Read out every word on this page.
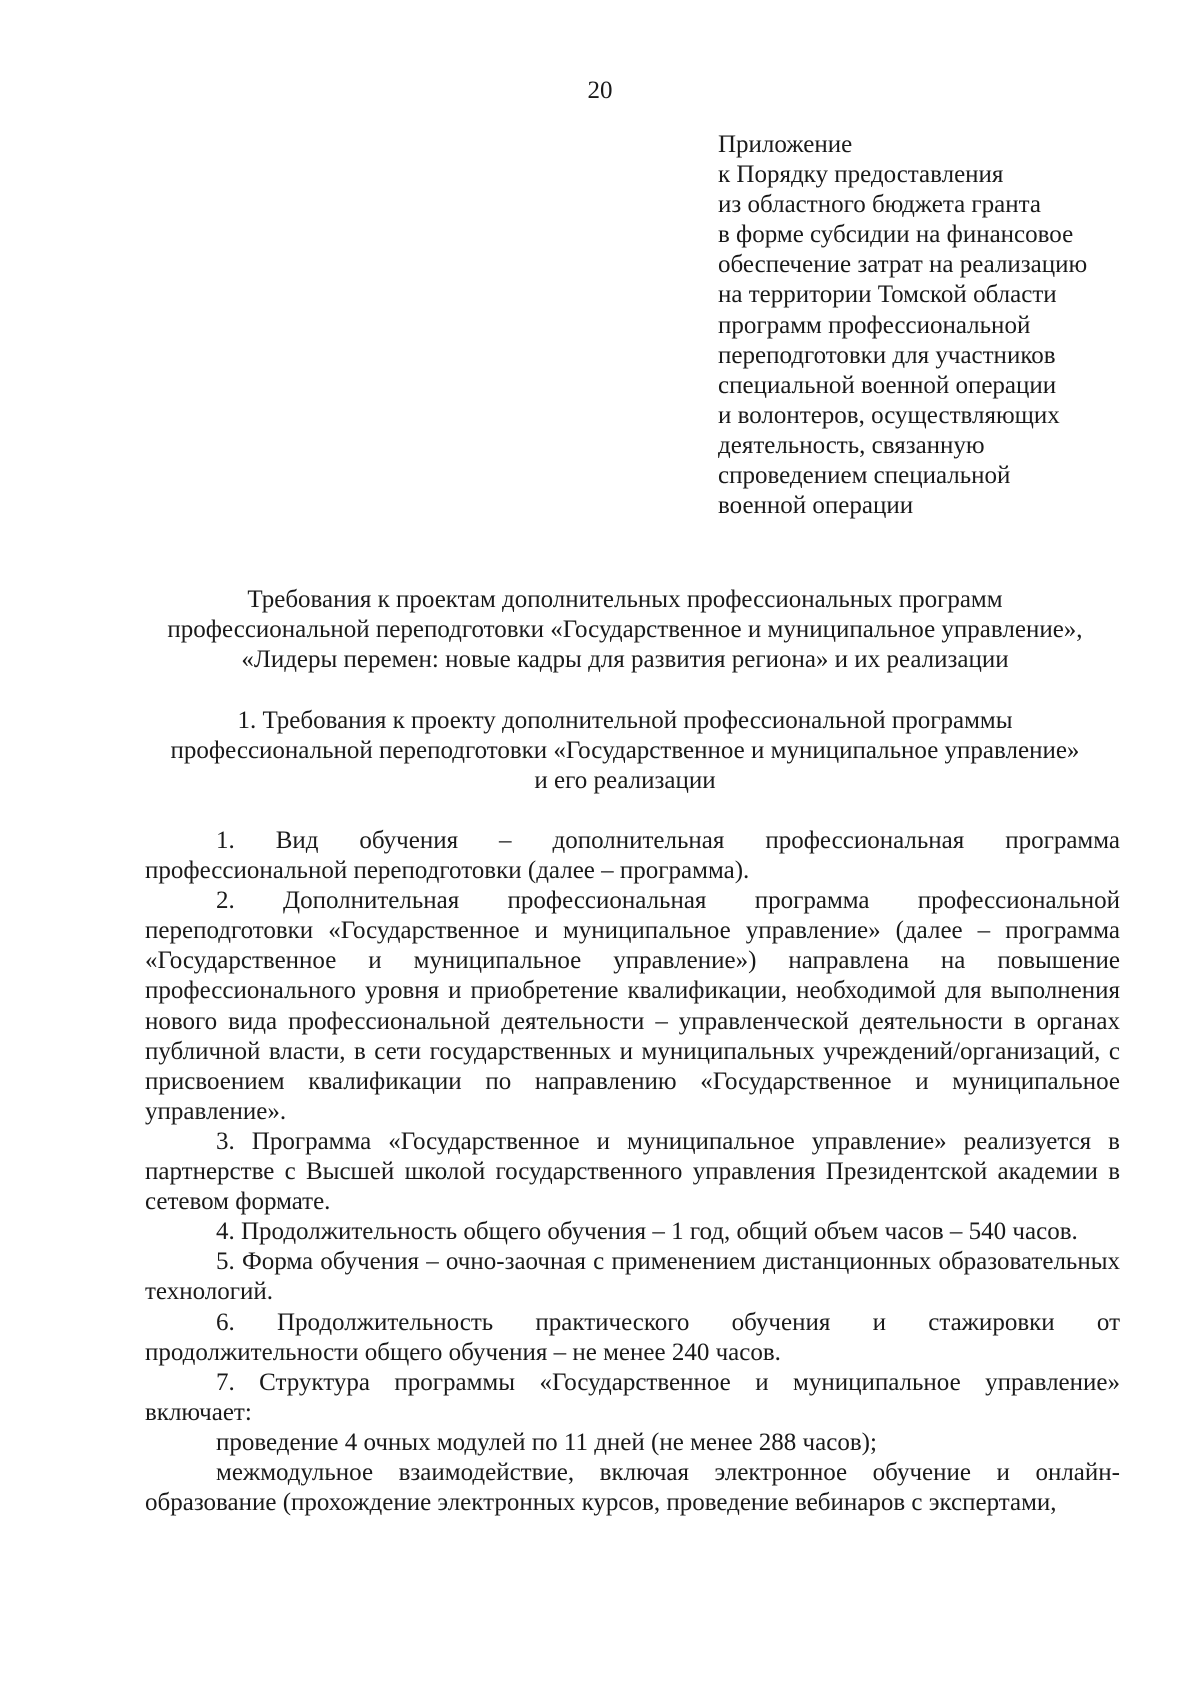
20
Приложение
к Порядку предоставления
из областного бюджета гранта
в форме субсидии на финансовое
обеспечение затрат на реализацию
на территории Томской области
программ профессиональной
переподготовки для участников
специальной военной операции
и волонтеров, осуществляющих
деятельность, связанную
спроведением специальной
военной операции
Требования к проектам дополнительных профессиональных программ
профессиональной переподготовки «Государственное и муниципальное управление»,
«Лидеры перемен: новые кадры для развития региона» и их реализации
1. Требования к проекту дополнительной профессиональной программы
профессиональной переподготовки «Государственное и муниципальное управление»
и его реализации

1. Вид обучения – дополнительная профессиональная программа профессиональной переподготовки (далее – программа).

2. Дополнительная профессиональная программа профессиональной переподготовки «Государственное и муниципальное управление» (далее – программа «Государственное и муниципальное управление») направлена на повышение профессионального уровня и приобретение квалификации, необходимой для выполнения нового вида профессиональной деятельности – управленческой деятельности в органах публичной власти, в сети государственных и муниципальных учреждений/организаций, с присвоением квалификации по направлению «Государственное и муниципальное управление».

3. Программа «Государственное и муниципальное управление» реализуется в партнерстве с Высшей школой государственного управления Президентской академии в сетевом формате.

4. Продолжительность общего обучения – 1 год, общий объем часов – 540 часов.

5. Форма обучения – очно-заочная с применением дистанционных образовательных технологий.

6. Продолжительность практического обучения и стажировки от продолжительности общего обучения – не менее 240 часов.

7. Структура программы «Государственное и муниципальное управление» включает:

проведение 4 очных модулей по 11 дней (не менее 288 часов);

межмодульное взаимодействие, включая электронное обучение и онлайн-образование (прохождение электронных курсов, проведение вебинаров с экспертами,
